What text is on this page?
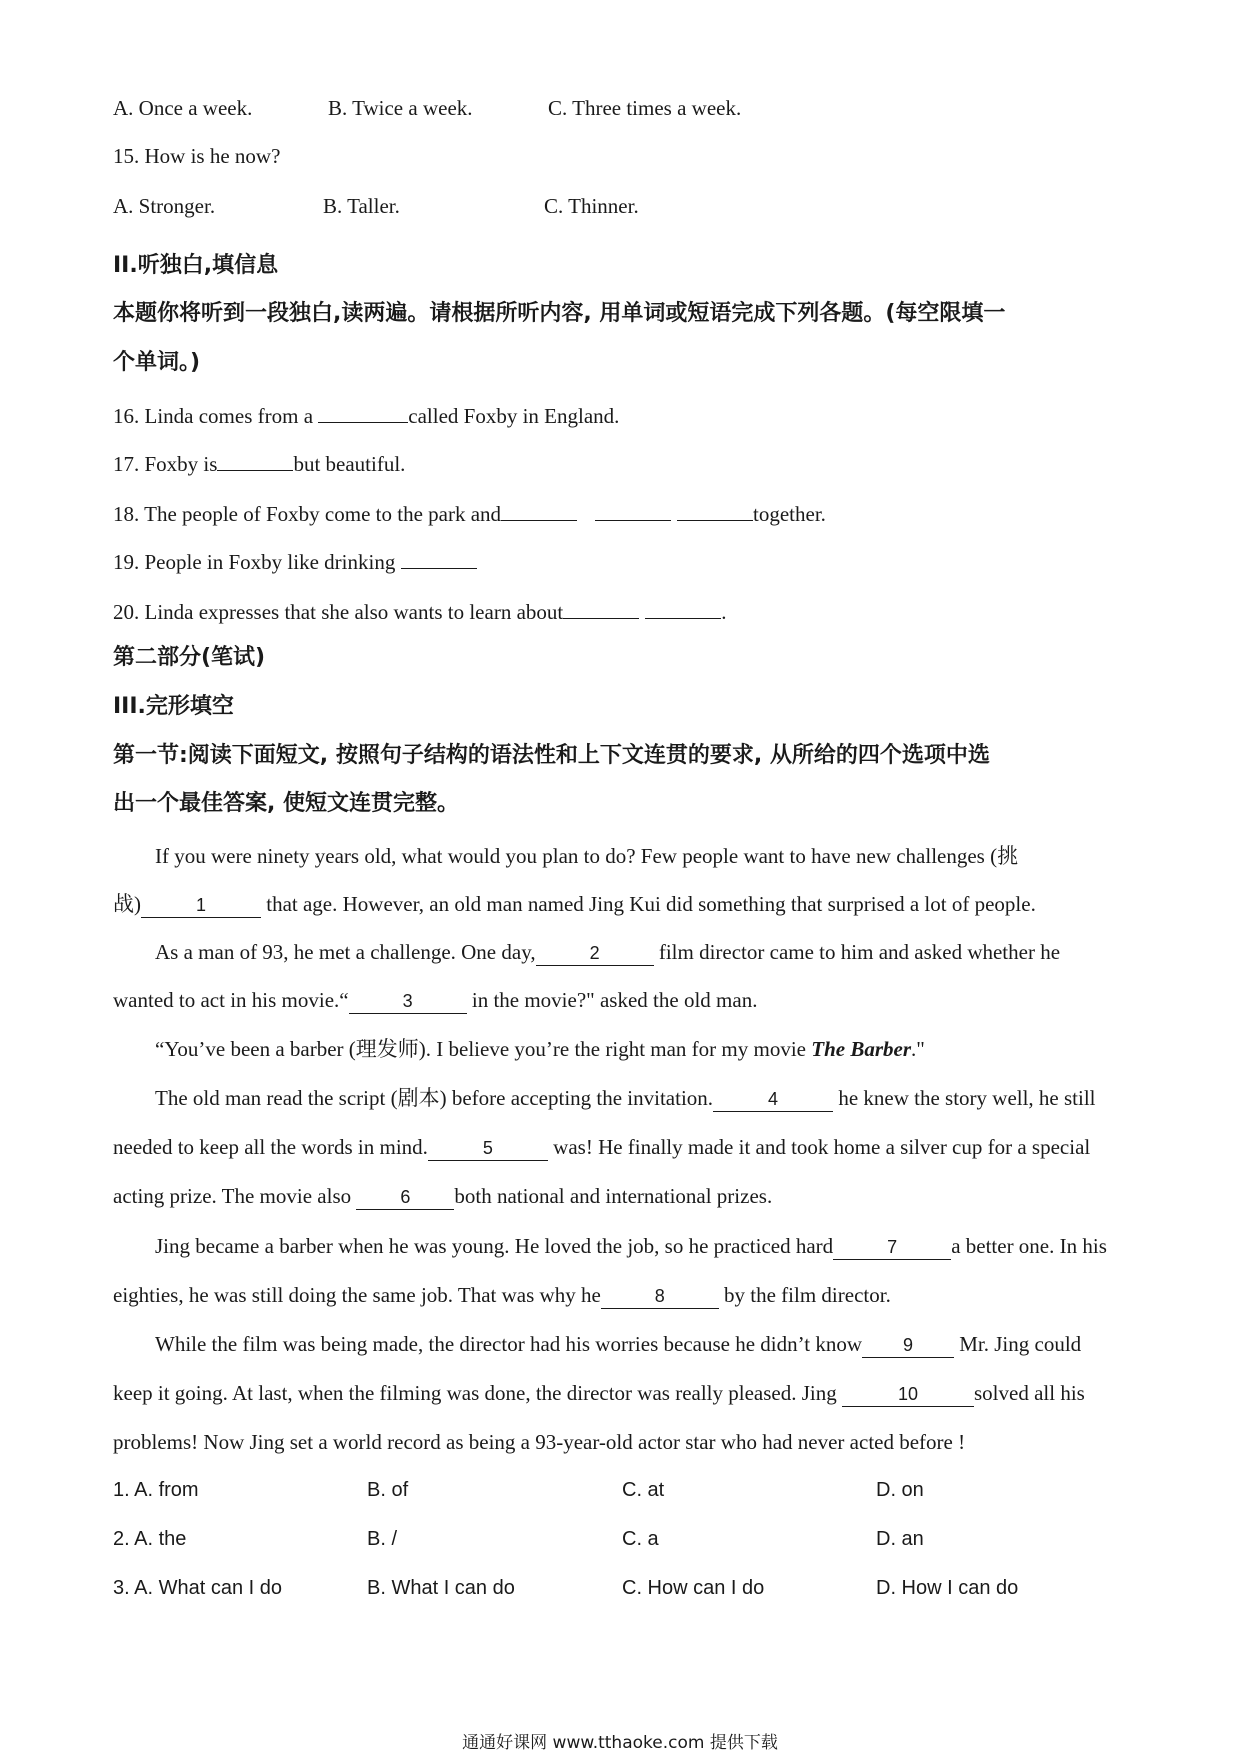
A. Once a week.	B. Twice a week.	C. Three times a week.
15. How is he now?
A. Stronger.	B. Taller.	C. Thinner.
II.听独白,填信息
本题你将听到一段独白,读两遍。请根据所听内容, 用单词或短语完成下列各题。(每空限填一
个单词。)
16. Linda comes from a	called Foxby in England.
17. Foxby is	but beautiful.
18. The people of Foxby come to the park and	together.
19. People in Foxby like drinking
20. Linda expresses that she also wants to learn about	.
第二部分(笔试)
III.完形填空
第一节:阅读下面短文, 按照句子结构的语法性和上下文连贯的要求, 从所给的四个选项中选
出一个最佳答案, 使短文连贯完整。
If you were ninety years old, what would you plan to do? Few people want to have new challenges (挑
战)	1	that age. However, an old man named Jing Kui did something that surprised a lot of people.
As a man of 93, he met a challenge. One day,	2	film director came to him and asked whether he
wanted to act in his movie.“	3	in the movie?" asked the old man.
“You’ve been a barber (理发师). I believe you’re the right man for my movie The Barber."
The old man read the script (剧本) before accepting the invitation.	4	he knew the story well, he still
needed to keep all the words in mind.	5	was! He finally made it and took home a silver cup for a special
acting prize. The movie also 6 both national and international prizes.
Jing became a barber when he was young. He loved the job, so he practiced hard	7	a better one. In his
eighties, he was still doing the same job. That was why he	8	by the film director.
While the film was being made, the director had his worries because he didn’t know 9 Mr. Jing could
keep it going. At last, when the filming was done, the director was really pleased. Jing	10	solved all his
problems! Now Jing set a world record as being a 93-year-old actor star who had never acted before !
1. A. from	B. of	C. at	D. on
2. A. the	B. /	C. a	D. an
3. A. What can I do	B. What I can do	C. How can I do	D. How I can do
通通好课网 www.tthaoke.com 提供下载
